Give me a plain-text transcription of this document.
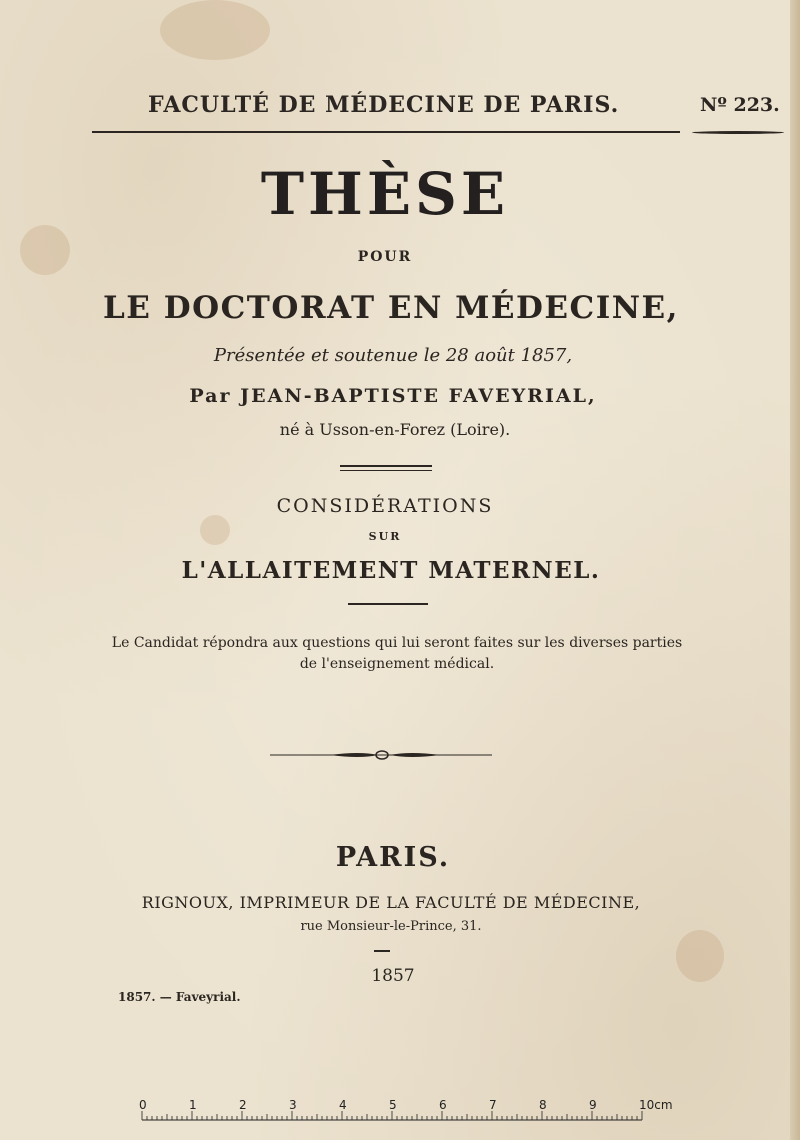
FACULTÉ DE MÉDECINE DE PARIS.	Nº 223.
THÈSE
POUR
LE DOCTORAT EN MÉDECINE,
Présentée et soutenue le 28 août 1857,
Par JEAN-BAPTISTE FAVEYRIAL,
né à Usson-en-Forez (Loire).
CONSIDÉRATIONS
SUR
L'ALLAITEMENT MATERNEL.
Le Candidat répondra aux questions qui lui seront faites sur les diverses parties
de l'enseignement médical.
PARIS.
RIGNOUX, IMPRIMEUR DE LA FACULTÉ DE MÉDECINE,
rue Monsieur-le-Prince, 31.
1857
1857. — Faveyrial.
0	1	2	3	4	5	6	7	8	9	10cm
